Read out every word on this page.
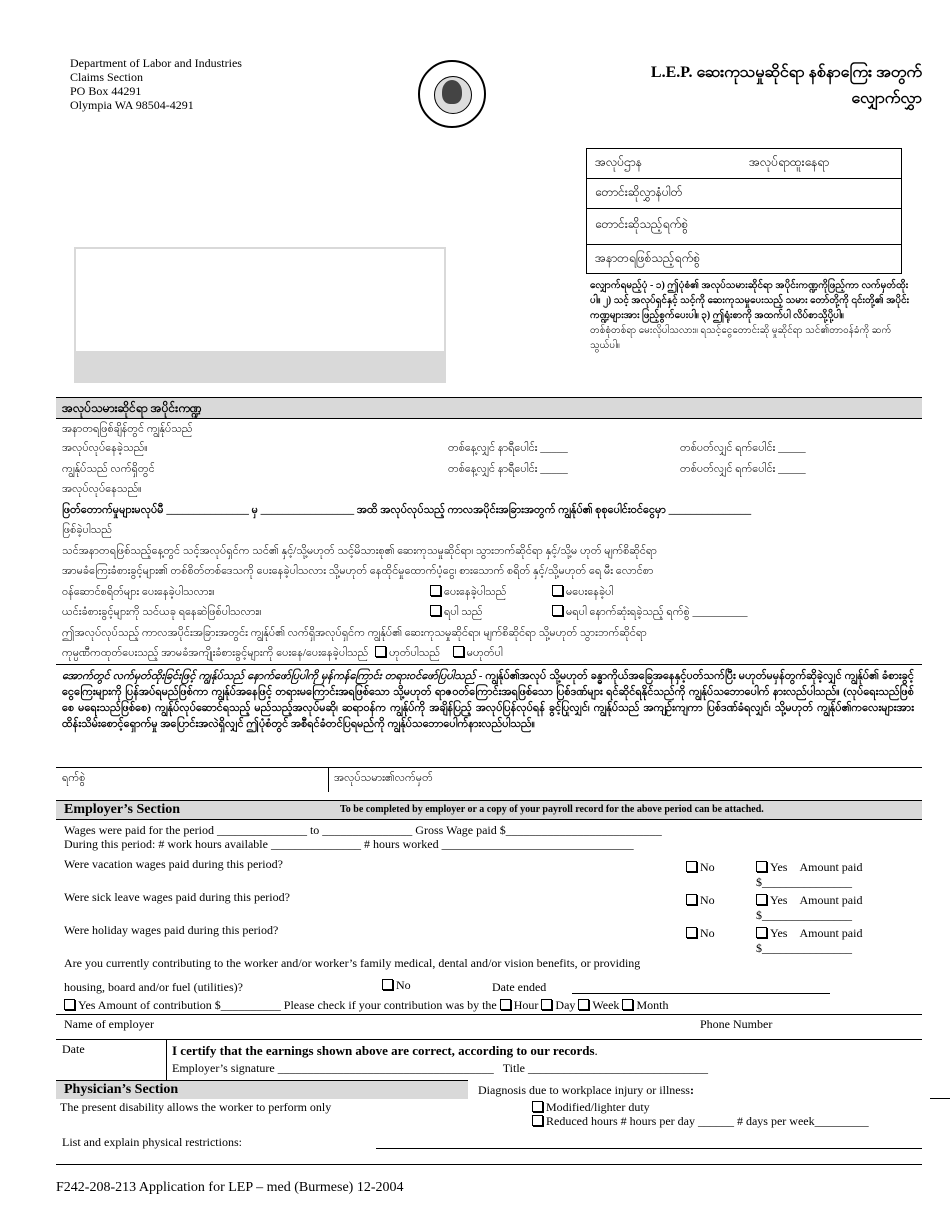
Department of Labor and Industries
Claims Section
PO Box 44291
Olympia WA 98504-4291
L.E.P. ဆေးကုသမှုဆိုင်ရာ နစ်နာကြေး အတွက်
လျှောက်လွှာ
အလုပ်ဌာန	အလုပ်ရာထူးနေရာ
တောင်းဆိုလွှာနံပါတ်
တောင်းဆိုသည့်ရက်စွဲ
အနာတရဖြစ်သည့်ရက်စွဲ
လျှောက်ရမည့်ပုံ - ၁) ဤပုံစံ၏ အလုပ်သမားဆိုင်ရာ အပိုင်းကဏ္ဍကိုဖြည့်ကာ လက်မှတ်ထိုးပါ။ ၂) သင့် အလုပ်ရှင်နှင့် သင့်ကို ဆေးကုသမှုပေးသည့် သမား တော်တို့ကို ၎င်းတို့၏ အပိုင်းကဏ္ဍများအား ဖြည့်စွက်ပေးပါ။ ၃) ဤရုံးစာကို အထက်ပါ လိပ်စာသို့ပို့ပါ။
တစ်စုံတစ်ရာ မေးလိုပါသလား။ ရသင့်ငွေတောင်းဆို မှုဆိုင်ရာ သင်၏တာဝန်ခံကို ဆက်သွယ်ပါ။
အလုပ်သမားဆိုင်ရာ အပိုင်းကဏ္ဍ
အနာတရဖြစ်ချိန်တွင် ကျွန်ုပ်သည်
အလုပ်လုပ်နေခဲ့သည်။	တစ်နေ့လျှင် နာရီပေါင်း _____	တစ်ပတ်လျှင် ရက်ပေါင်း _____
ကျွန်ုပ်သည် လက်ရှိတွင်	တစ်နေ့လျှင် နာရီပေါင်း _____	တစ်ပတ်လျှင် ရက်ပေါင်း _____
အလုပ်လုပ်နေသည်။
ဖြတ်တောက်မှုများမလုပ်မီ _______________ မှ _________________ အထိ အလုပ်လုပ်သည့် ကာလအပိုင်းအခြားအတွက် ကျွန်ုပ်၏ စုစုပေါင်းဝင်ငွေမှာ _______________
ဖြစ်ခဲ့ပါသည်
သင်အနာတရဖြစ်သည့်နေ့တွင် သင့်အလုပ်ရှင်က သင်၏ နှင့်/သို့မဟုတ် သင့်မိသားစု၏ ဆေးကုသမှုဆိုင်ရာ၊ သွားဘက်ဆိုင်ရာ နှင့်/သို့မ ဟုတ် မျက်စိဆိုင်ရာ
အာမခံကြေးခံစားခွင့်များ၏ တစ်စိတ်တစ်ဒေသကို ပေးနေခဲ့ပါသလား သို့မဟုတ် နေထိုင်မှုထောက်ပံ့ငွေ၊ စားသောက် စရိတ် နှင့်/သို့မဟုတ် ရေ မီး လောင်စာ
ဝန်ဆောင်စရိတ်များ ပေးနေခဲ့ပါသလား။	ပေးနေခဲ့ပါသည်	မပေးနေခဲ့ပါ
ယင်းခံစားခွင့်များကို သင်ယခု ရနေဆဲဖြစ်ပါသလား။	ရပါ သည်	မရပါ နောက်ဆုံးရခဲ့သည့် ရက်စွဲ __________
ဤအလုပ်လုပ်သည့် ကာလအပိုင်းအခြားအတွင်း ကျွန်ုပ်၏ လက်ရှိအလုပ်ရှင်က ကျွန်ုပ်၏ ဆေးကုသမှုဆိုင်ရာ၊ မျက်စိဆိုင်ရာ သို့မဟုတ် သွားဘက်ဆိုင်ရာ
ကုမ္ပဏီကထုတ်ပေးသည့် အာမခံအကျိုးခံစားခွင့်များကို ပေးနေ/ပေးနေခဲ့ပါသည် ဟုတ်ပါသည် မဟုတ်ပါ
အောက်တွင် လက်မှတ်ထိုးခြင်းဖြင့် ကျွန်ုပ်သည် နောက်ဖော်ပြပါကို မှန်ကန်ကြောင်း တရားဝင်ဖော်ပြပါသည် - ကျွန်ုပ်၏အလုပ် သို့မဟုတ် ခန္ဓာကိုယ်အခြေအနေနှင့်ပတ်သက်ပြီး မဟုတ်မမှန်တွက်ဆိုခဲ့လျှင် ကျွန်ုပ်၏ ခံစားခွင့်ငွေကြေးများကို ပြန်အပ်ရမည်ဖြစ်ကာ ကျွန်ုပ်အနေဖြင့် တရားမကြောင်းအရဖြစ်သော သို့မဟုတ် ရာဇဝတ်ကြောင်းအရဖြစ်သော ပြစ်ဒဏ်များ ရင်ဆိုင်ရနိုင်သည်ကို ကျွန်ုပ်သဘောပေါက် နားလည်ပါသည်။ (လုပ်ရေးသည်ဖြစ်စေ မရေးသည်ဖြစ်စေ) ကျွန်ုပ်လုပ်ဆောင်ရသည့် မည်သည့်အလုပ်မဆို၊ ဆရာဝန်က ကျွန်ုပ်ကို အချိန်ပြည့် အလုပ်ပြန်လုပ်ရန် ခွင့်ပြုလျှင်၊ ကျွန်ုပ်သည် အကျဉ်းကျကာ ပြစ်ဒဏ်ခံရလျှင်၊ သို့မဟုတ် ကျွန်ုပ်၏ကလေးများအား ထိန်းသိမ်းစောင့်ရှောက်မှု အပြောင်းအလဲရှိလျှင် ဤပုံစံတွင် အစီရင်ခံတင်ပြရမည်ကို ကျွန်ုပ်သဘောပေါက်နားလည်ပါသည်။
ရက်စွဲ	အလုပ်သမား၏လက်မှတ်
Employer’s Section	To be completed by employer or a copy of your payroll record for the above period can be attached.
Wages were paid for the period _______________ to _______________ Gross Wage paid $__________________________
During this period: # work hours available _______________ # hours worked ________________________________
Were vacation wages paid during this period?	No	Yes Amount paid
$_______________
Were sick leave wages paid during this period?	No	Yes Amount paid
$_______________
Were holiday wages paid during this period?	No	Yes Amount paid
$_______________
Are you currently contributing to the worker and/or worker’s family medical, dental and/or vision benefits, or providing
housing, board and/or fuel (utilities)?	No	Date ended
Yes Amount of contribution $__________ Please check if your contribution was by the Hour Day Week Month
Name of employer	Phone Number
Date	I certify that the earnings shown above are correct, according to our records.
Employer’s signature ____________________________________ Title ______________________________
Physician’s Section	Diagnosis due to workplace injury or illness:
The present disability allows the worker to perform only	Modified/lighter duty
Reduced hours # hours per day ______ # days per week_________
List and explain physical restrictions:
F242-208-213 Application for LEP – med (Burmese) 12-2004
